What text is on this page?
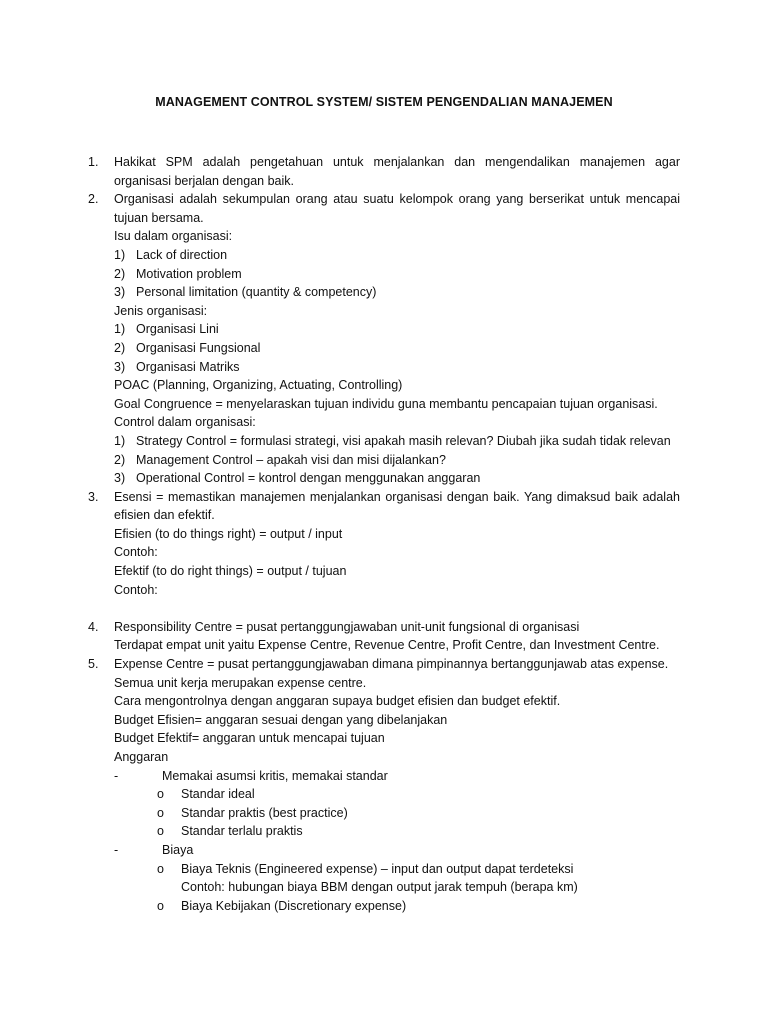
MANAGEMENT CONTROL SYSTEM/ SISTEM PENGENDALIAN MANAJEMEN
1. Hakikat SPM adalah pengetahuan untuk menjalankan dan mengendalikan manajemen agar organisasi berjalan dengan baik.
2. Organisasi adalah sekumpulan orang atau suatu kelompok orang yang berserikat untuk mencapai tujuan bersama.
Isu dalam organisasi:
1) Lack of direction
2) Motivation problem
3) Personal limitation (quantity & competency)
Jenis organisasi:
1) Organisasi Lini
2) Organisasi Fungsional
3) Organisasi Matriks
POAC (Planning, Organizing, Actuating, Controlling)
Goal Congruence = menyelaraskan tujuan individu guna membantu pencapaian tujuan organisasi.
Control dalam organisasi:
1) Strategy Control = formulasi strategi, visi apakah masih relevan? Diubah jika sudah tidak relevan
2) Management Control – apakah visi dan misi dijalankan?
3) Operational Control = kontrol dengan menggunakan anggaran
3. Esensi = memastikan manajemen menjalankan organisasi dengan baik. Yang dimaksud baik adalah efisien dan efektif.
Efisien (to do things right) = output / input
Contoh:
Efektif (to do right things) = output / tujuan
Contoh:
4. Responsibility Centre = pusat pertanggungjawaban unit-unit fungsional di organisasi
Terdapat empat unit yaitu Expense Centre, Revenue Centre, Profit Centre, dan Investment Centre.
5. Expense Centre = pusat pertanggungjawaban dimana pimpinannya bertanggunjawab atas expense.
Semua unit kerja merupakan expense centre.
Cara mengontrolnya dengan anggaran supaya budget efisien dan budget efektif.
Budget Efisien= anggaran sesuai dengan yang dibelanjakan
Budget Efektif= anggaran untuk mencapai tujuan
Anggaran
-	Memakai asumsi kritis, memakai standar
o Standar ideal
o Standar praktis (best practice)
o Standar terlalu praktis
-	Biaya
o Biaya Teknis (Engineered expense) – input dan output dapat terdeteksi
Contoh: hubungan biaya BBM dengan output jarak tempuh (berapa km)
o Biaya Kebijakan (Discretionary expense)
